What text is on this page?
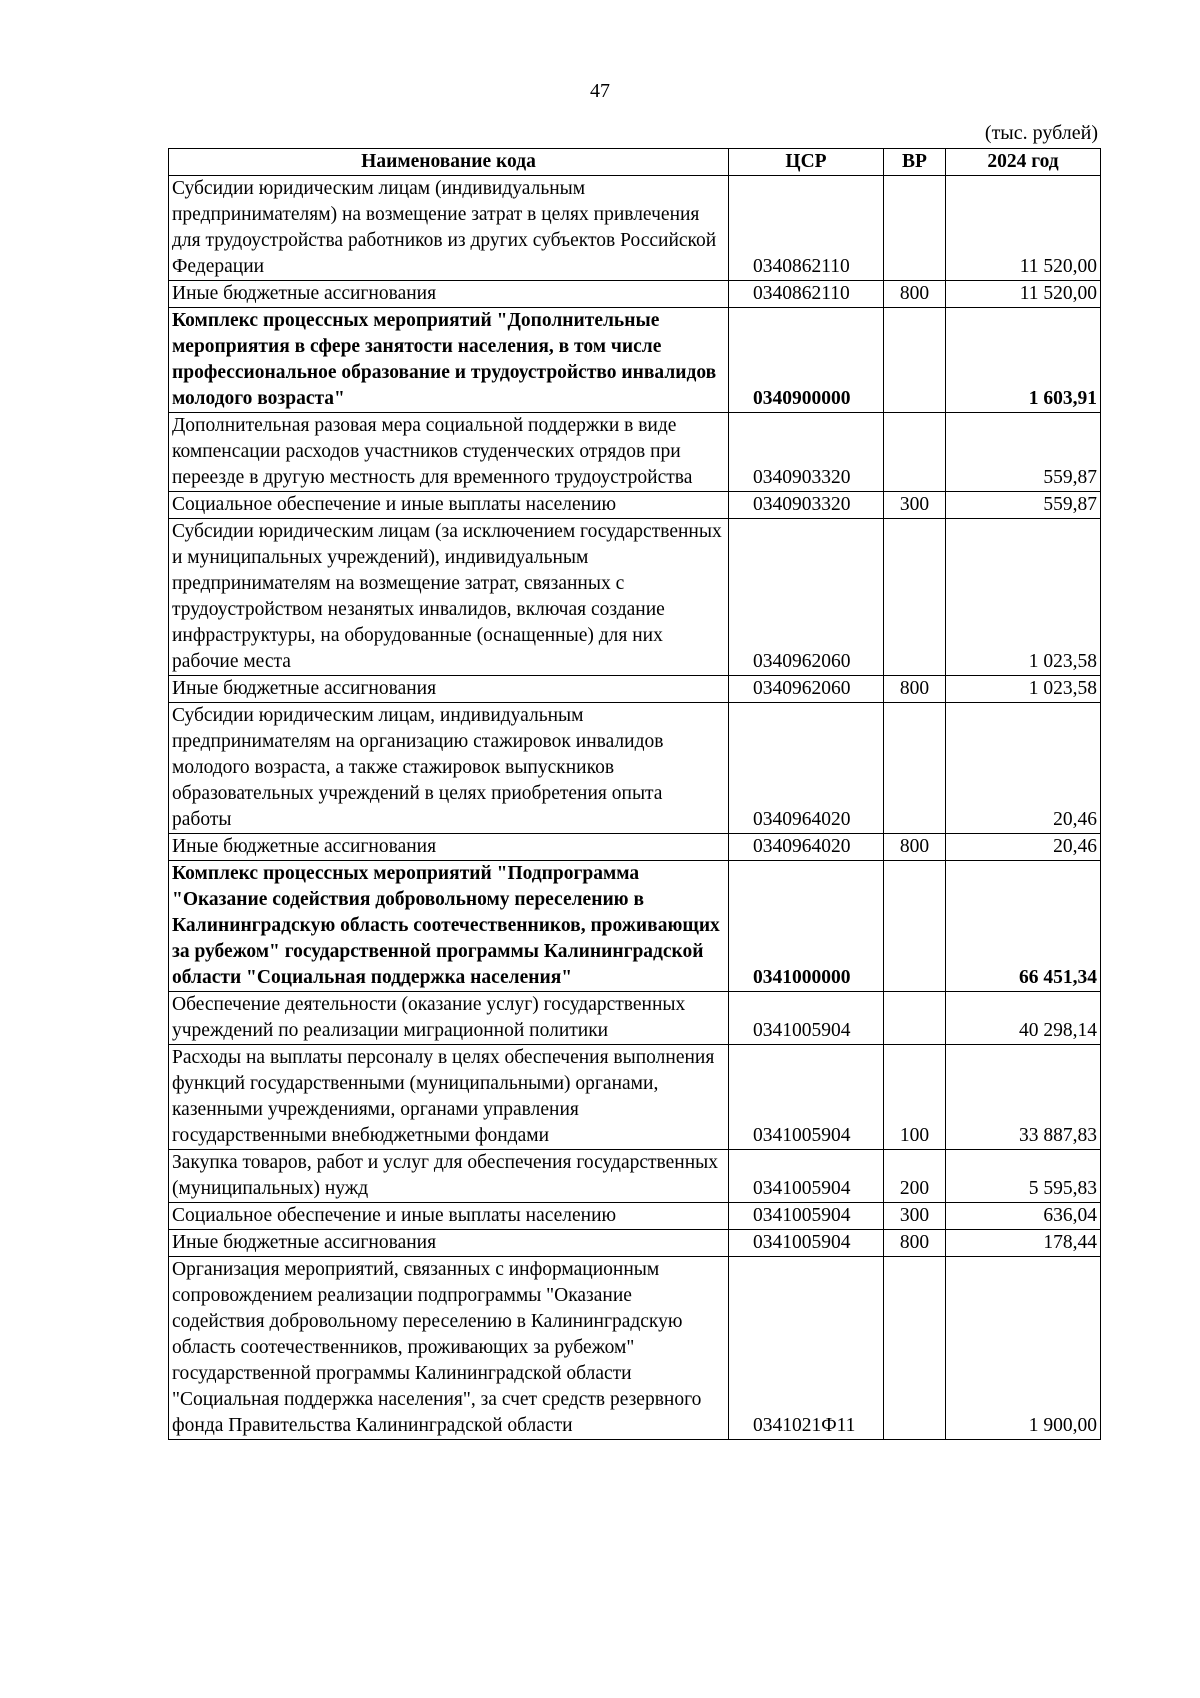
47
(тыс. рублей)
Наименование кода	ЦСР	ВР	2024 год
Субсидии юридическим лицам (индивидуальным предпринимателям) на возмещение затрат в целях привлечения для трудоустройства работников из других субъектов Российской Федерации	0340862110		11 520,00
Иные бюджетные ассигнования	0340862110	800	11 520,00
Комплекс процессных мероприятий "Дополнительные мероприятия в сфере занятости населения, в том числе профессиональное образование и трудоустройство инвалидов молодого возраста"	0340900000		1 603,91
Дополнительная разовая мера социальной поддержки в виде компенсации расходов участников студенческих отрядов при переезде в другую местность для временного трудоустройства	0340903320		559,87
Социальное обеспечение и иные выплаты населению	0340903320	300	559,87
Субсидии юридическим лицам (за исключением государственных и муниципальных учреждений), индивидуальным предпринимателям на возмещение затрат, связанных с трудоустройством незанятых инвалидов, включая создание инфраструктуры, на оборудованные (оснащенные) для них рабочие места	0340962060		1 023,58
Иные бюджетные ассигнования	0340962060	800	1 023,58
Субсидии юридическим лицам, индивидуальным предпринимателям на организацию стажировок инвалидов молодого возраста, а также стажировок выпускников образовательных учреждений в целях приобретения опыта работы	0340964020		20,46
Иные бюджетные ассигнования	0340964020	800	20,46
Комплекс процессных мероприятий "Подпрограмма "Оказание содействия добровольному переселению в Калининградскую область соотечественников, проживающих за рубежом" государственной программы Калининградской области "Социальная поддержка населения"	0341000000		66 451,34
Обеспечение деятельности (оказание услуг) государственных учреждений по реализации миграционной политики	0341005904		40 298,14
Расходы на выплаты персоналу в целях обеспечения выполнения функций государственными (муниципальными) органами, казенными учреждениями, органами управления государственными внебюджетными фондами	0341005904	100	33 887,83
Закупка товаров, работ и услуг для обеспечения государственных (муниципальных) нужд	0341005904	200	5 595,83
Социальное обеспечение и иные выплаты населению	0341005904	300	636,04
Иные бюджетные ассигнования	0341005904	800	178,44
Организация мероприятий, связанных с информационным сопровождением реализации подпрограммы "Оказание содействия добровольному переселению в Калининградскую область соотечественников, проживающих за рубежом" государственной программы Калининградской области "Социальная поддержка населения", за счет средств резервного фонда Правительства Калининградской области	0341021Ф11		1 900,00
